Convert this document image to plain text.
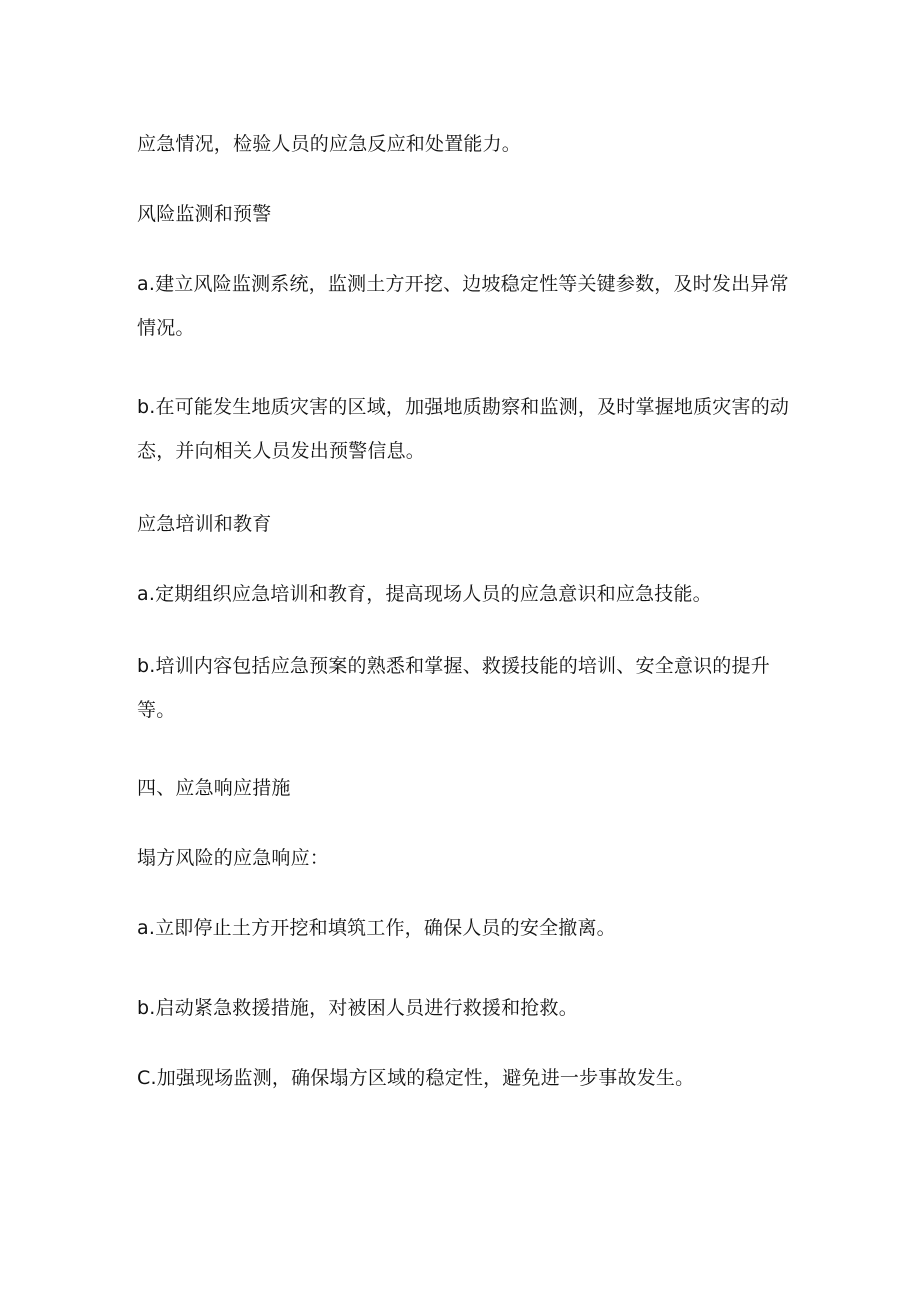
应急情况，检验人员的应急反应和处置能力。

风险监测和预警

a.建立风险监测系统，监测土方开挖、边坡稳定性等关键参数，及时发出异常情况。

b.在可能发生地质灾害的区域，加强地质勘察和监测，及时掌握地质灾害的动态，并向相关人员发出预警信息。

应急培训和教育

a.定期组织应急培训和教育，提高现场人员的应急意识和应急技能。

b.培训内容包括应急预案的熟悉和掌握、救援技能的培训、安全意识的提升等。

四、应急响应措施

塌方风险的应急响应：

a.立即停止土方开挖和填筑工作，确保人员的安全撤离。

b.启动紧急救援措施，对被困人员进行救援和抢救。

C.加强现场监测，确保塌方区域的稳定性，避免进一步事故发生。
